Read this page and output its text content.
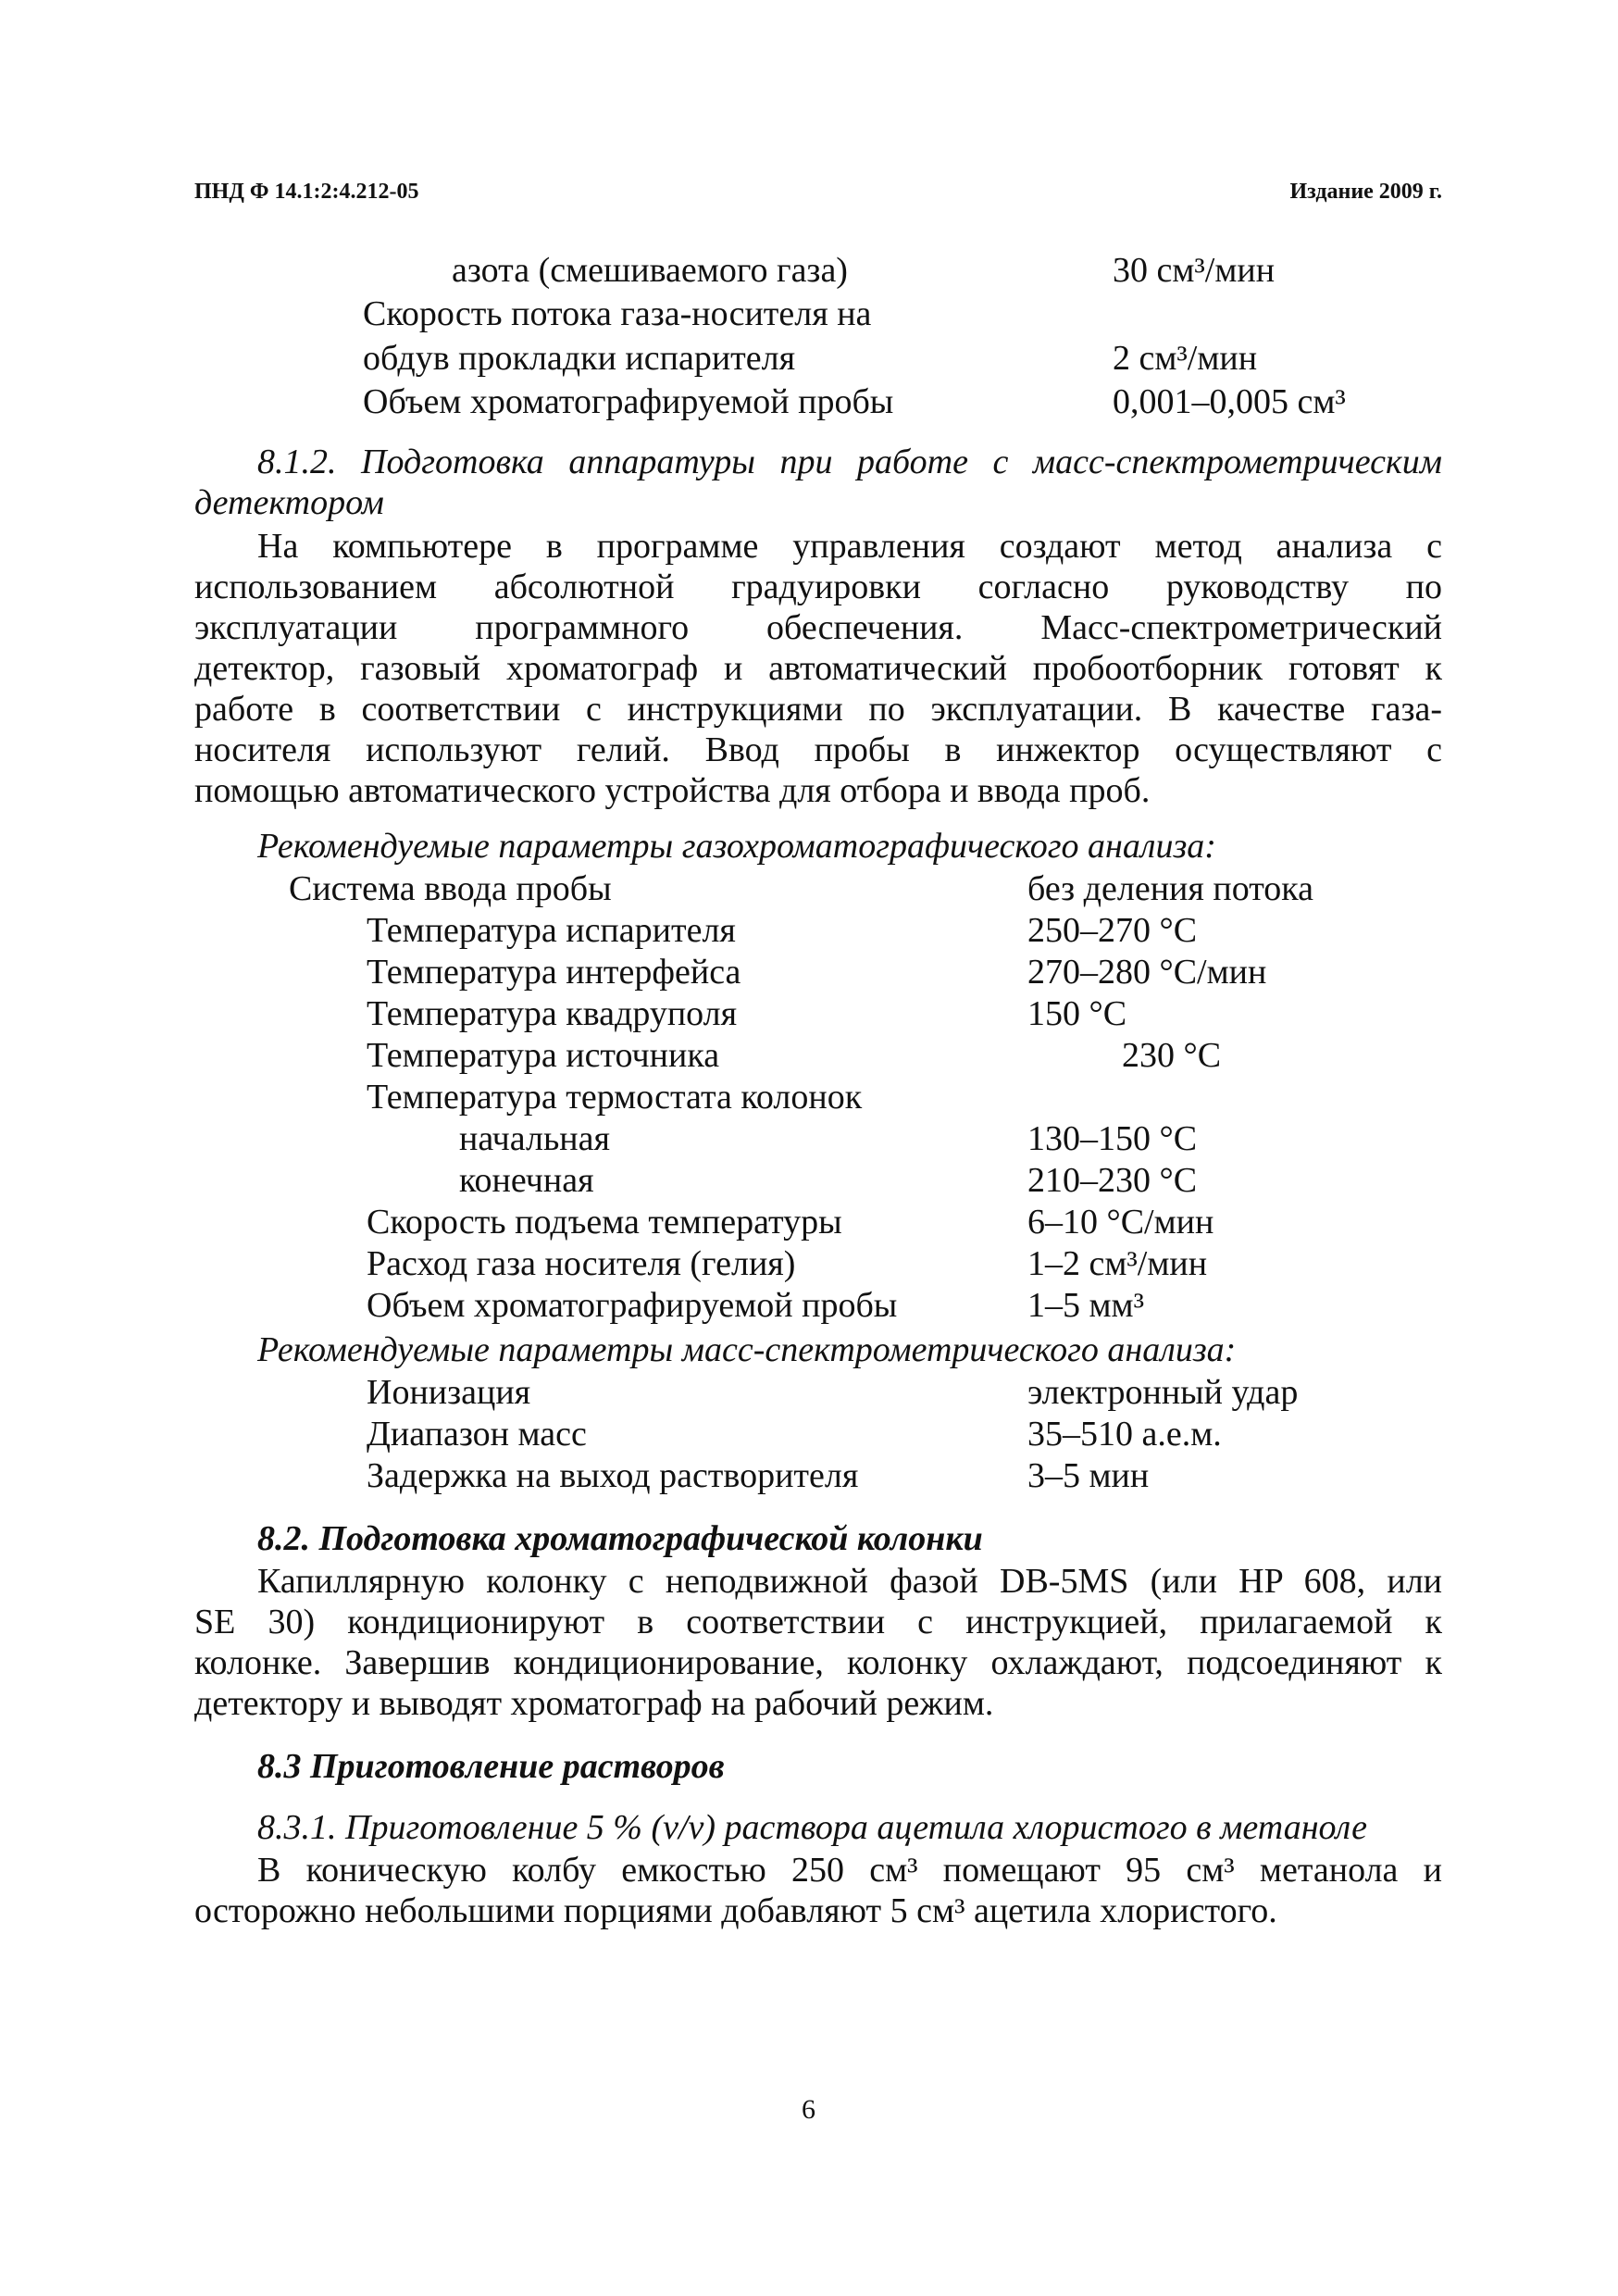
ПНД Ф 14.1:2:4.212-05	Издание 2009 г.
азота (смешиваемого газа)	30 см³/мин
Скорость потока газа-носителя на
обдув прокладки испарителя	2 см³/мин
Объем хроматографируемой пробы	0,001–0,005 см³
8.1.2. Подготовка аппаратуры при работе с масс-спектрометрическим
детектором
На компьютере в программе управления создают метод анализа с
использованием абсолютной градуировки согласно руководству по
эксплуатации программного обеспечения. Масс-спектрометрический
детектор, газовый хроматограф и автоматический пробоотборник готовят к
работе в соответствии с инструкциями по эксплуатации. В качестве газа-
носителя используют гелий. Ввод пробы в инжектор осуществляют с
помощью автоматического устройства для отбора и ввода проб.
Рекомендуемые параметры газохроматографического анализа:
Система ввода пробы	без деления потока
Температура испарителя	250–270 °C
Температура интерфейса	270–280 °С/мин
Температура квадруполя	150 °С
Температура источника	230 °С
Температура термостата колонок
начальная	130–150 °С
конечная	210–230 °С
Скорость подъема температуры	6–10 °С/мин
Расход газа носителя (гелия)	1–2 см³/мин
Объем хроматографируемой пробы	1–5 мм³
Рекомендуемые параметры масс-спектрометрического анализа:
Ионизация	электронный удар
Диапазон масс	35–510 а.е.м.
Задержка на выход растворителя	3–5 мин
8.2. Подготовка хроматографической колонки
Капиллярную колонку с неподвижной фазой DB-5MS (или HP 608, или
SE 30) кондиционируют в соответствии с инструкцией, прилагаемой к
колонке. Завершив кондиционирование, колонку охлаждают, подсоединяют к
детектору и выводят хроматограф на рабочий режим.
8.3 Приготовление растворов
8.3.1. Приготовление 5 % (v/v) раствора ацетила хлористого в метаноле
В коническую колбу емкостью 250 см³ помещают 95 см³ метанола и
осторожно небольшими порциями добавляют 5 см³ ацетила хлористого.
6
